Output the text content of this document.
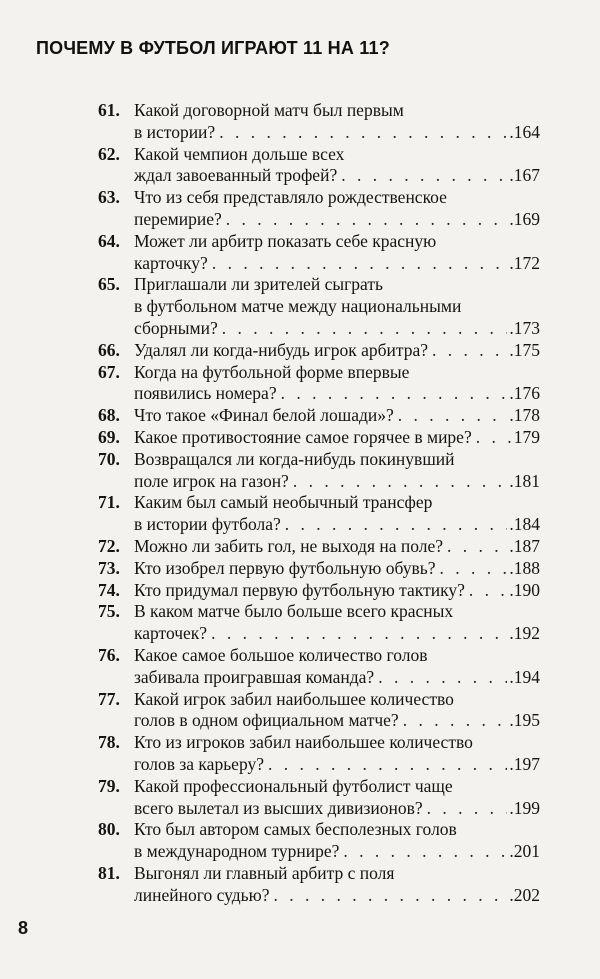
ПОЧЕМУ В ФУТБОЛ ИГРАЮТ 11 НА 11?
61. Какой договорной матч был первым
в истории? . . .	.164
62. Какой чемпион дольше всех
ждал завоеванный трофей? . . .	.167
63. Что из себя представляло рождественское
перемирие? . . .	.169
64. Может ли арбитр показать себе красную
карточку? . . .	.172
65. Приглашали ли зрителей сыграть
в футбольном матче между национальными
сборными? . . .	.173
66. Удалял ли когда-нибудь игрок арбитра? . . .	.175
67. Когда на футбольной форме впервые
появились номера? . . .	.176
68. Что такое «Финал белой лошади»? . . .	.178
69. Какое противостояние самое горячее в мире? . . . 179
70. Возвращался ли когда-нибудь покинувший
поле игрок на газон? . . .	.181
71. Каким был самый необычный трансфер
в истории футбола? . . .	.184
72. Можно ли забить гол, не выходя на поле? . . .	.187
73. Кто изобрел первую футбольную обувь? . . .	.188
74. Кто придумал первую футбольную тактику? . . .	.190
75. В каком матче было больше всего красных
карточек? . . .	.192
76. Какое самое большое количество голов
забивала проигравшая команда? . . .	.194
77. Какой игрок забил наибольшее количество
голов в одном официальном матче? . . .	.195
78. Кто из игроков забил наибольшее количество
голов за карьеру? . . .	.197
79. Какой профессиональный футболист чаще
всего вылетал из высших дивизионов? . . .	.199
80. Кто был автором самых бесполезных голов
в международном турнире? . . .	.201
81. Выгонял ли главный арбитр с поля
линейного судью? . . .	.202
8
